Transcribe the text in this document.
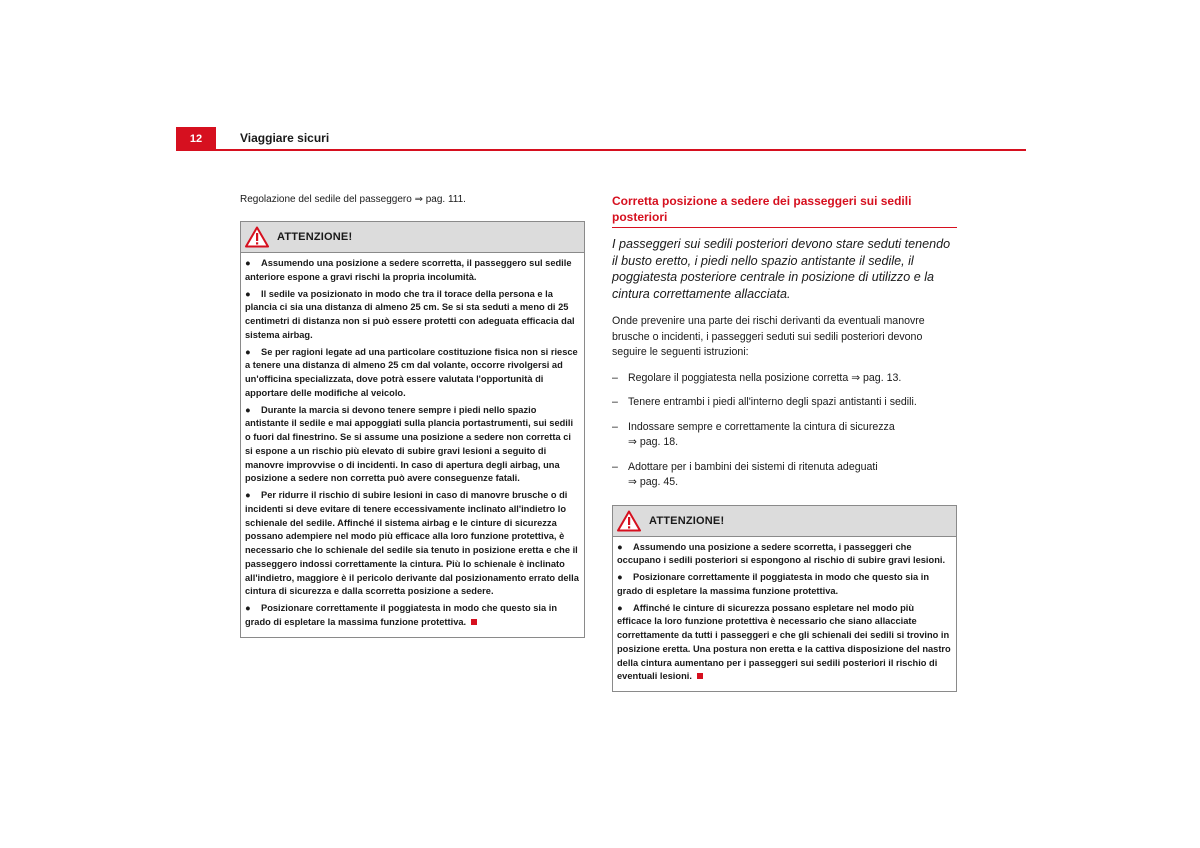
12	Viaggiare sicuri

Regolazione del sedile del passeggero ⇒ pag. 111.

ATTENZIONE!

● Assumendo una posizione a sedere scorretta, il passeggero sul sedile anteriore espone a gravi rischi la propria incolumità.

● Il sedile va posizionato in modo che tra il torace della persona e la plancia ci sia una distanza di almeno 25 cm. Se si sta seduti a meno di 25 centimetri di distanza non si può essere protetti con adeguata efficacia dal sistema airbag.

● Se per ragioni legate ad una particolare costituzione fisica non si riesce a tenere una distanza di almeno 25 cm dal volante, occorre rivolgersi ad un'officina specializzata, dove potrà essere valutata l'opportunità di apportare delle modifiche al veicolo.

● Durante la marcia si devono tenere sempre i piedi nello spazio antistante il sedile e mai appoggiati sulla plancia portastrumenti, sui sedili o fuori dal finestrino. Se si assume una posizione a sedere non corretta ci si espone a un rischio più elevato di subire gravi lesioni a seguito di manovre improvvise o di incidenti. In caso di apertura degli airbag, una posizione a sedere non corretta può avere conseguenze fatali.

● Per ridurre il rischio di subire lesioni in caso di manovre brusche o di incidenti si deve evitare di tenere eccessivamente inclinato all'indietro lo schienale del sedile. Affinché il sistema airbag e le cinture di sicurezza possano adempiere nel modo più efficace alla loro funzione protettiva, è necessario che lo schienale del sedile sia tenuto in posizione eretta e che il passeggero indossi correttamente la cintura. Più lo schienale è inclinato all'indietro, maggiore è il pericolo derivante dal posizionamento errato della cintura di sicurezza e dalla scorretta posizione a sedere.

● Posizionare correttamente il poggiatesta in modo che questo sia in grado di espletare la massima funzione protettiva.

Corretta posizione a sedere dei passeggeri sui sedili posteriori

I passeggeri sui sedili posteriori devono stare seduti tenendo il busto eretto, i piedi nello spazio antistante il sedile, il poggiatesta posteriore centrale in posizione di utilizzo e la cintura correttamente allacciata.

Onde prevenire una parte dei rischi derivanti da eventuali manovre brusche o incidenti, i passeggeri seduti sui sedili posteriori devono seguire le seguenti istruzioni:

– Regolare il poggiatesta nella posizione corretta ⇒ pag. 13.
– Tenere entrambi i piedi all'interno degli spazi antistanti i sedili.
– Indossare sempre e correttamente la cintura di sicurezza
⇒ pag. 18.
– Adottare per i bambini dei sistemi di ritenuta adeguati
⇒ pag. 45.
ATTENZIONE!

● Assumendo una posizione a sedere scorretta, i passeggeri che occupano i sedili posteriori si espongono al rischio di subire gravi lesioni.

● Posizionare correttamente il poggiatesta in modo che questo sia in grado di espletare la massima funzione protettiva.

● Affinché le cinture di sicurezza possano espletare nel modo più efficace la loro funzione protettiva è necessario che siano allacciate correttamente da tutti i passeggeri e che gli schienali dei sedili si trovino in posizione eretta. Una postura non eretta e la cattiva disposizione del nastro della cintura aumentano per i passeggeri sui sedili posteriori il rischio di eventuali lesioni.
